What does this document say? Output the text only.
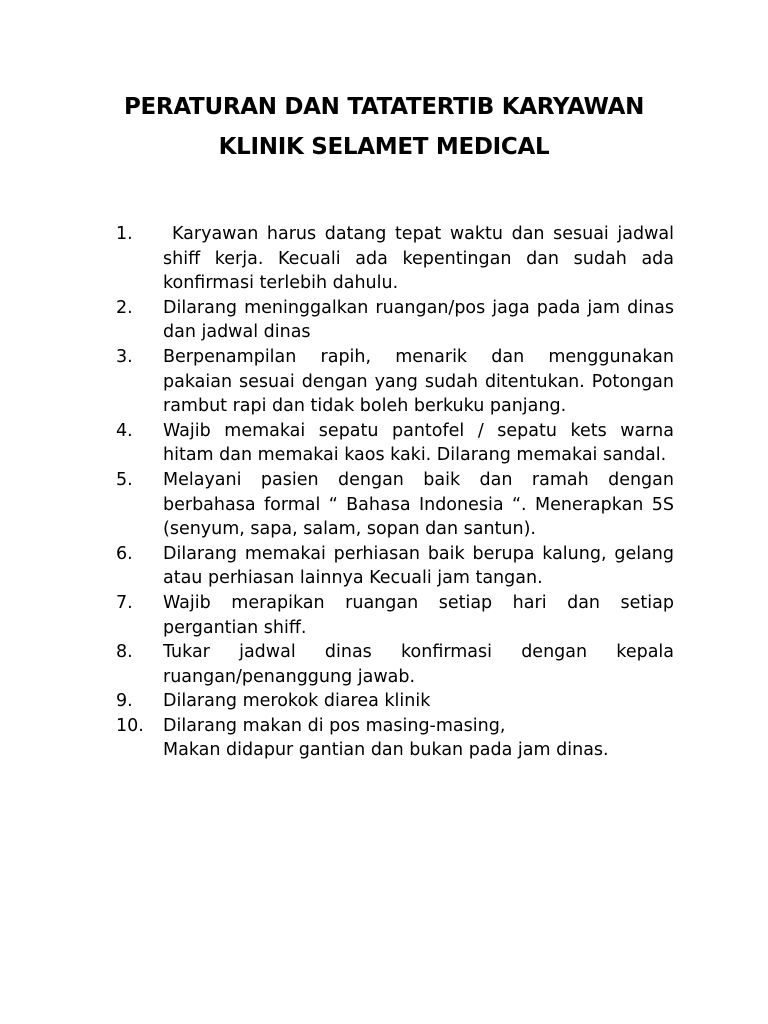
PERATURAN DAN TATATERTIB KARYAWAN
KLINIK SELAMET MEDICAL
1.	Karyawan harus datang tepat waktu dan sesuai jadwal shiff kerja. Kecuali ada kepentingan dan sudah ada konfirmasi terlebih dahulu.
2.	Dilarang meninggalkan ruangan/pos jaga pada jam dinas dan jadwal dinas
3.	Berpenampilan rapih, menarik dan menggunakan pakaian sesuai dengan yang sudah ditentukan. Potongan rambut rapi dan tidak boleh berkuku panjang.
4.	Wajib memakai sepatu pantofel / sepatu kets warna hitam dan memakai kaos kaki. Dilarang memakai sandal.
5.	Melayani pasien dengan baik dan ramah dengan berbahasa formal “ Bahasa Indonesia “. Menerapkan 5S (senyum, sapa, salam, sopan dan santun).
6.	Dilarang memakai perhiasan baik berupa kalung, gelang atau perhiasan lainnya Kecuali jam tangan.
7.	Wajib merapikan ruangan setiap hari dan setiap pergantian shiff.
8.	Tukar jadwal dinas konfirmasi dengan kepala ruangan/penanggung jawab.
9.	Dilarang merokok diarea klinik
10.	Dilarang makan di pos masing-masing,
Makan didapur gantian dan bukan pada jam dinas.
